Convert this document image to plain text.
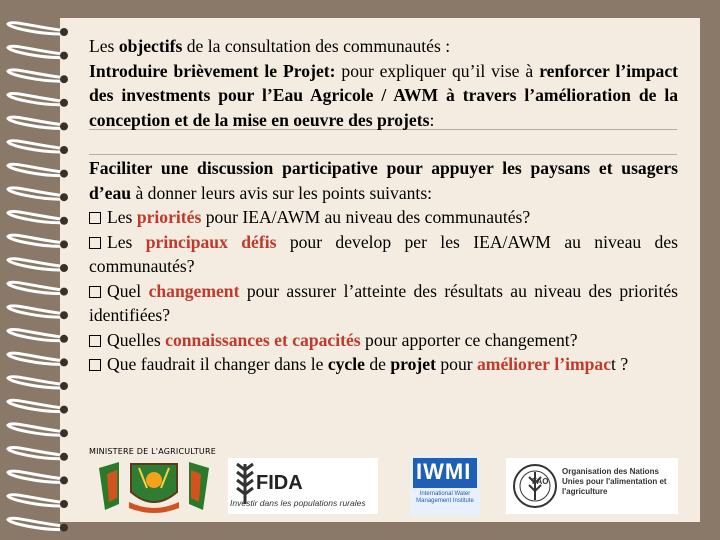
Les objectifs de la consultation des communautés :

Introduire brièvement le Projet: pour expliquer qu’il vise à renforcer l’impact des investments pour l’Eau Agricole / AWM à travers l’amélioration de la conception et de la mise en oeuvre des projets:

Faciliter une discussion participative pour appuyer les paysans et usagers d’eau à donner leurs avis sur les points suivants:

Les priorités pour IEA/AWM au niveau des communautés?

Les principaux défis pour develop per les IEA/AWM au niveau des communautés?

Quel changement pour assurer l’atteinte des résultats au niveau des priorités identifiées?

Quelles connaissances et capacités pour apporter ce changement?

Que faudrait il changer dans le cycle de projet pour améliorer l’impact ?

MINISTERE DE L'AGRICULTURE
FIDA
Investir dans les populations rurales
IWMI
International Water Management Institute
FAO
Organisation des Nations Unies pour l'alimentation et l'agriculture
